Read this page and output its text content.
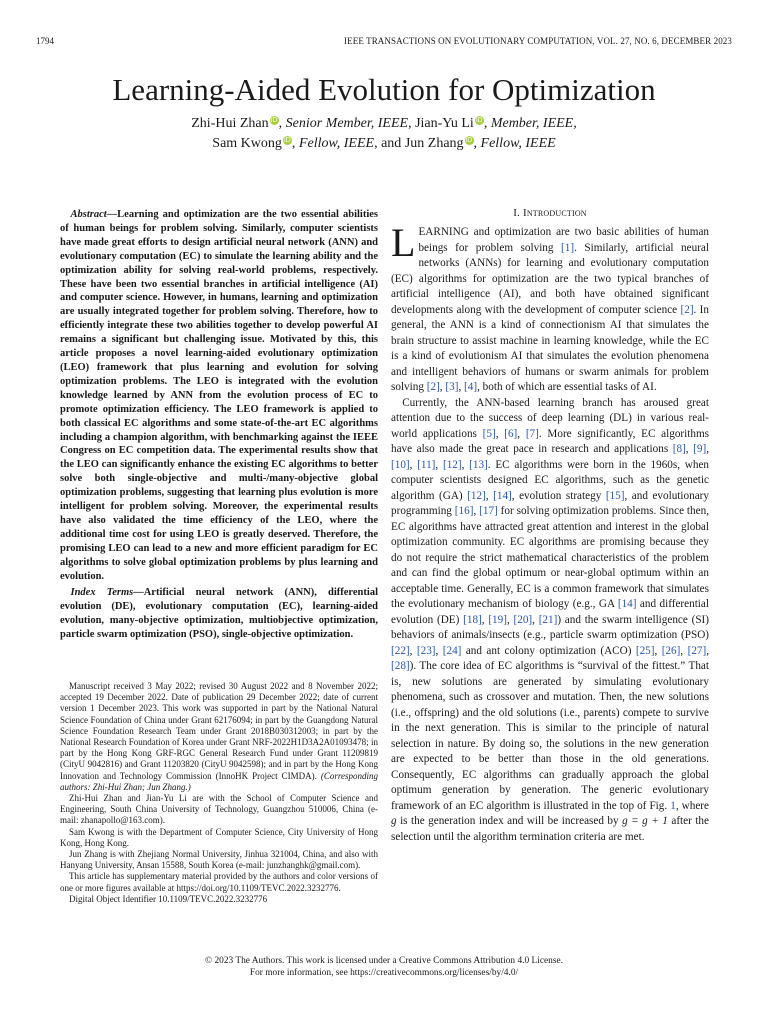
1794	IEEE TRANSACTIONS ON EVOLUTIONARY COMPUTATION, VOL. 27, NO. 6, DECEMBER 2023
Learning-Aided Evolution for Optimization
Zhi-Hui Zhan iD, Senior Member, IEEE, Jian-Yu Li iD, Member, IEEE,
Sam Kwong iD, Fellow, IEEE, and Jun Zhang iD, Fellow, IEEE

Abstract—Learning and optimization are the two essential abilities of human beings for problem solving. Similarly, computer scientists have made great efforts to design artificial neural network (ANN) and evolutionary computation (EC) to simulate the learning ability and the optimization ability for solving real-world problems, respectively. These have been two essential branches in artificial intelligence (AI) and computer science. However, in humans, learning and optimization are usually integrated together for problem solving. Therefore, how to efficiently integrate these two abilities together to develop powerful AI remains a significant but challenging issue. Motivated by this, this article proposes a novel learning-aided evolutionary optimization (LEO) framework that plus learning and evolution for solving optimization problems. The LEO is integrated with the evolution knowledge learned by ANN from the evolution process of EC to promote optimization efficiency. The LEO framework is applied to both classical EC algorithms and some state-of-the-art EC algorithms including a champion algorithm, with benchmarking against the IEEE Congress on EC competition data. The experimental results show that the LEO can significantly enhance the existing EC algorithms to better solve both single-objective and multi-/many-objective global optimization problems, suggesting that learning plus evolution is more intelligent for problem solving. Moreover, the experimental results have also validated the time efficiency of the LEO, where the additional time cost for using LEO is greatly deserved. Therefore, the promising LEO can lead to a new and more efficient paradigm for EC algorithms to solve global optimization problems by plus learning and evolution.

Index Terms—Artificial neural network (ANN), differential evolution (DE), evolutionary computation (EC), learning-aided evolution, many-objective optimization, multiobjective optimization, particle swarm optimization (PSO), single-objective optimization.

Manuscript received 3 May 2022; revised 30 August 2022 and 8 November 2022; accepted 19 December 2022. Date of publication 29 December 2022; date of current version 1 December 2023. This work was supported in part by the National Natural Science Foundation of China under Grant 62176094; in part by the Guangdong Natural Science Foundation Research Team under Grant 2018B030312003; in part by the National Research Foundation of Korea under Grant NRF-2022H1D3A2A01093478; in part by the Hong Kong GRF-RGC General Research Fund under Grant 11209819 (CityU 9042816) and Grant 11203820 (CityU 9042598); and in part by the Hong Kong Innovation and Technology Commission (InnoHK Project CIMDA). (Corresponding authors: Zhi-Hui Zhan; Jun Zhang.)

Zhi-Hui Zhan and Jian-Yu Li are with the School of Computer Science and Engineering, South China University of Technology, Guangzhou 510006, China (e-mail: zhanapollo@163.com).

Sam Kwong is with the Department of Computer Science, City University of Hong Kong, Hong Kong.

Jun Zhang is with Zhejiang Normal University, Jinhua 321004, China, and also with Hanyang University, Ansan 15588, South Korea (e-mail: junzhanghk@gmail.com).

This article has supplementary material provided by the authors and color versions of one or more figures available at https://doi.org/10.1109/TEVC.2022.3232776.

Digital Object Identifier 10.1109/TEVC.2022.3232776

I. Introduction

LEARNING and optimization are two basic abilities of human beings for problem solving [1]. Similarly, artificial neural networks (ANNs) for learning and evolutionary computation (EC) algorithms for optimization are the two typical branches of artificial intelligence (AI), and both have obtained significant developments along with the development of computer science [2]. In general, the ANN is a kind of connectionism AI that simulates the brain structure to assist machine in learning knowledge, while the EC is a kind of evolutionism AI that simulates the evolution phenomena and intelligent behaviors of humans or swarm animals for problem solving [2], [3], [4], both of which are essential tasks of AI.

Currently, the ANN-based learning branch has aroused great attention due to the success of deep learning (DL) in various real-world applications [5], [6], [7]. More significantly, EC algorithms have also made the great pace in research and applications [8], [9], [10], [11], [12], [13]. EC algorithms were born in the 1960s, when computer scientists designed EC algorithms, such as the genetic algorithm (GA) [12], [14], evolution strategy [15], and evolutionary programming [16], [17] for solving optimization problems. Since then, EC algorithms have attracted great attention and interest in the global optimization community. EC algorithms are promising because they do not require the strict mathematical characteristics of the problem and can find the global optimum or near-global optimum within an acceptable time. Generally, EC is a common framework that simulates the evolutionary mechanism of biology (e.g., GA [14] and differential evolution (DE) [18], [19], [20], [21]) and the swarm intelligence (SI) behaviors of animals/insects (e.g., particle swarm optimization (PSO) [22], [23], [24] and ant colony optimization (ACO) [25], [26], [27], [28]). The core idea of EC algorithms is “survival of the fittest.” That is, new solutions are generated by simulating evolutionary phenomena, such as crossover and mutation. Then, the new solutions (i.e., offspring) and the old solutions (i.e., parents) compete to survive in the next generation. This is similar to the principle of natural selection in nature. By doing so, the solutions in the new generation are expected to be better than those in the old generations. Consequently, EC algorithms can gradually approach the global optimum generation by generation. The generic evolutionary framework of an EC algorithm is illustrated in the top of Fig. 1, where g is the generation index and will be increased by g = g + 1 after the selection until the algorithm termination criteria are met.

© 2023 The Authors. This work is licensed under a Creative Commons Attribution 4.0 License.
For more information, see https://creativecommons.org/licenses/by/4.0/
